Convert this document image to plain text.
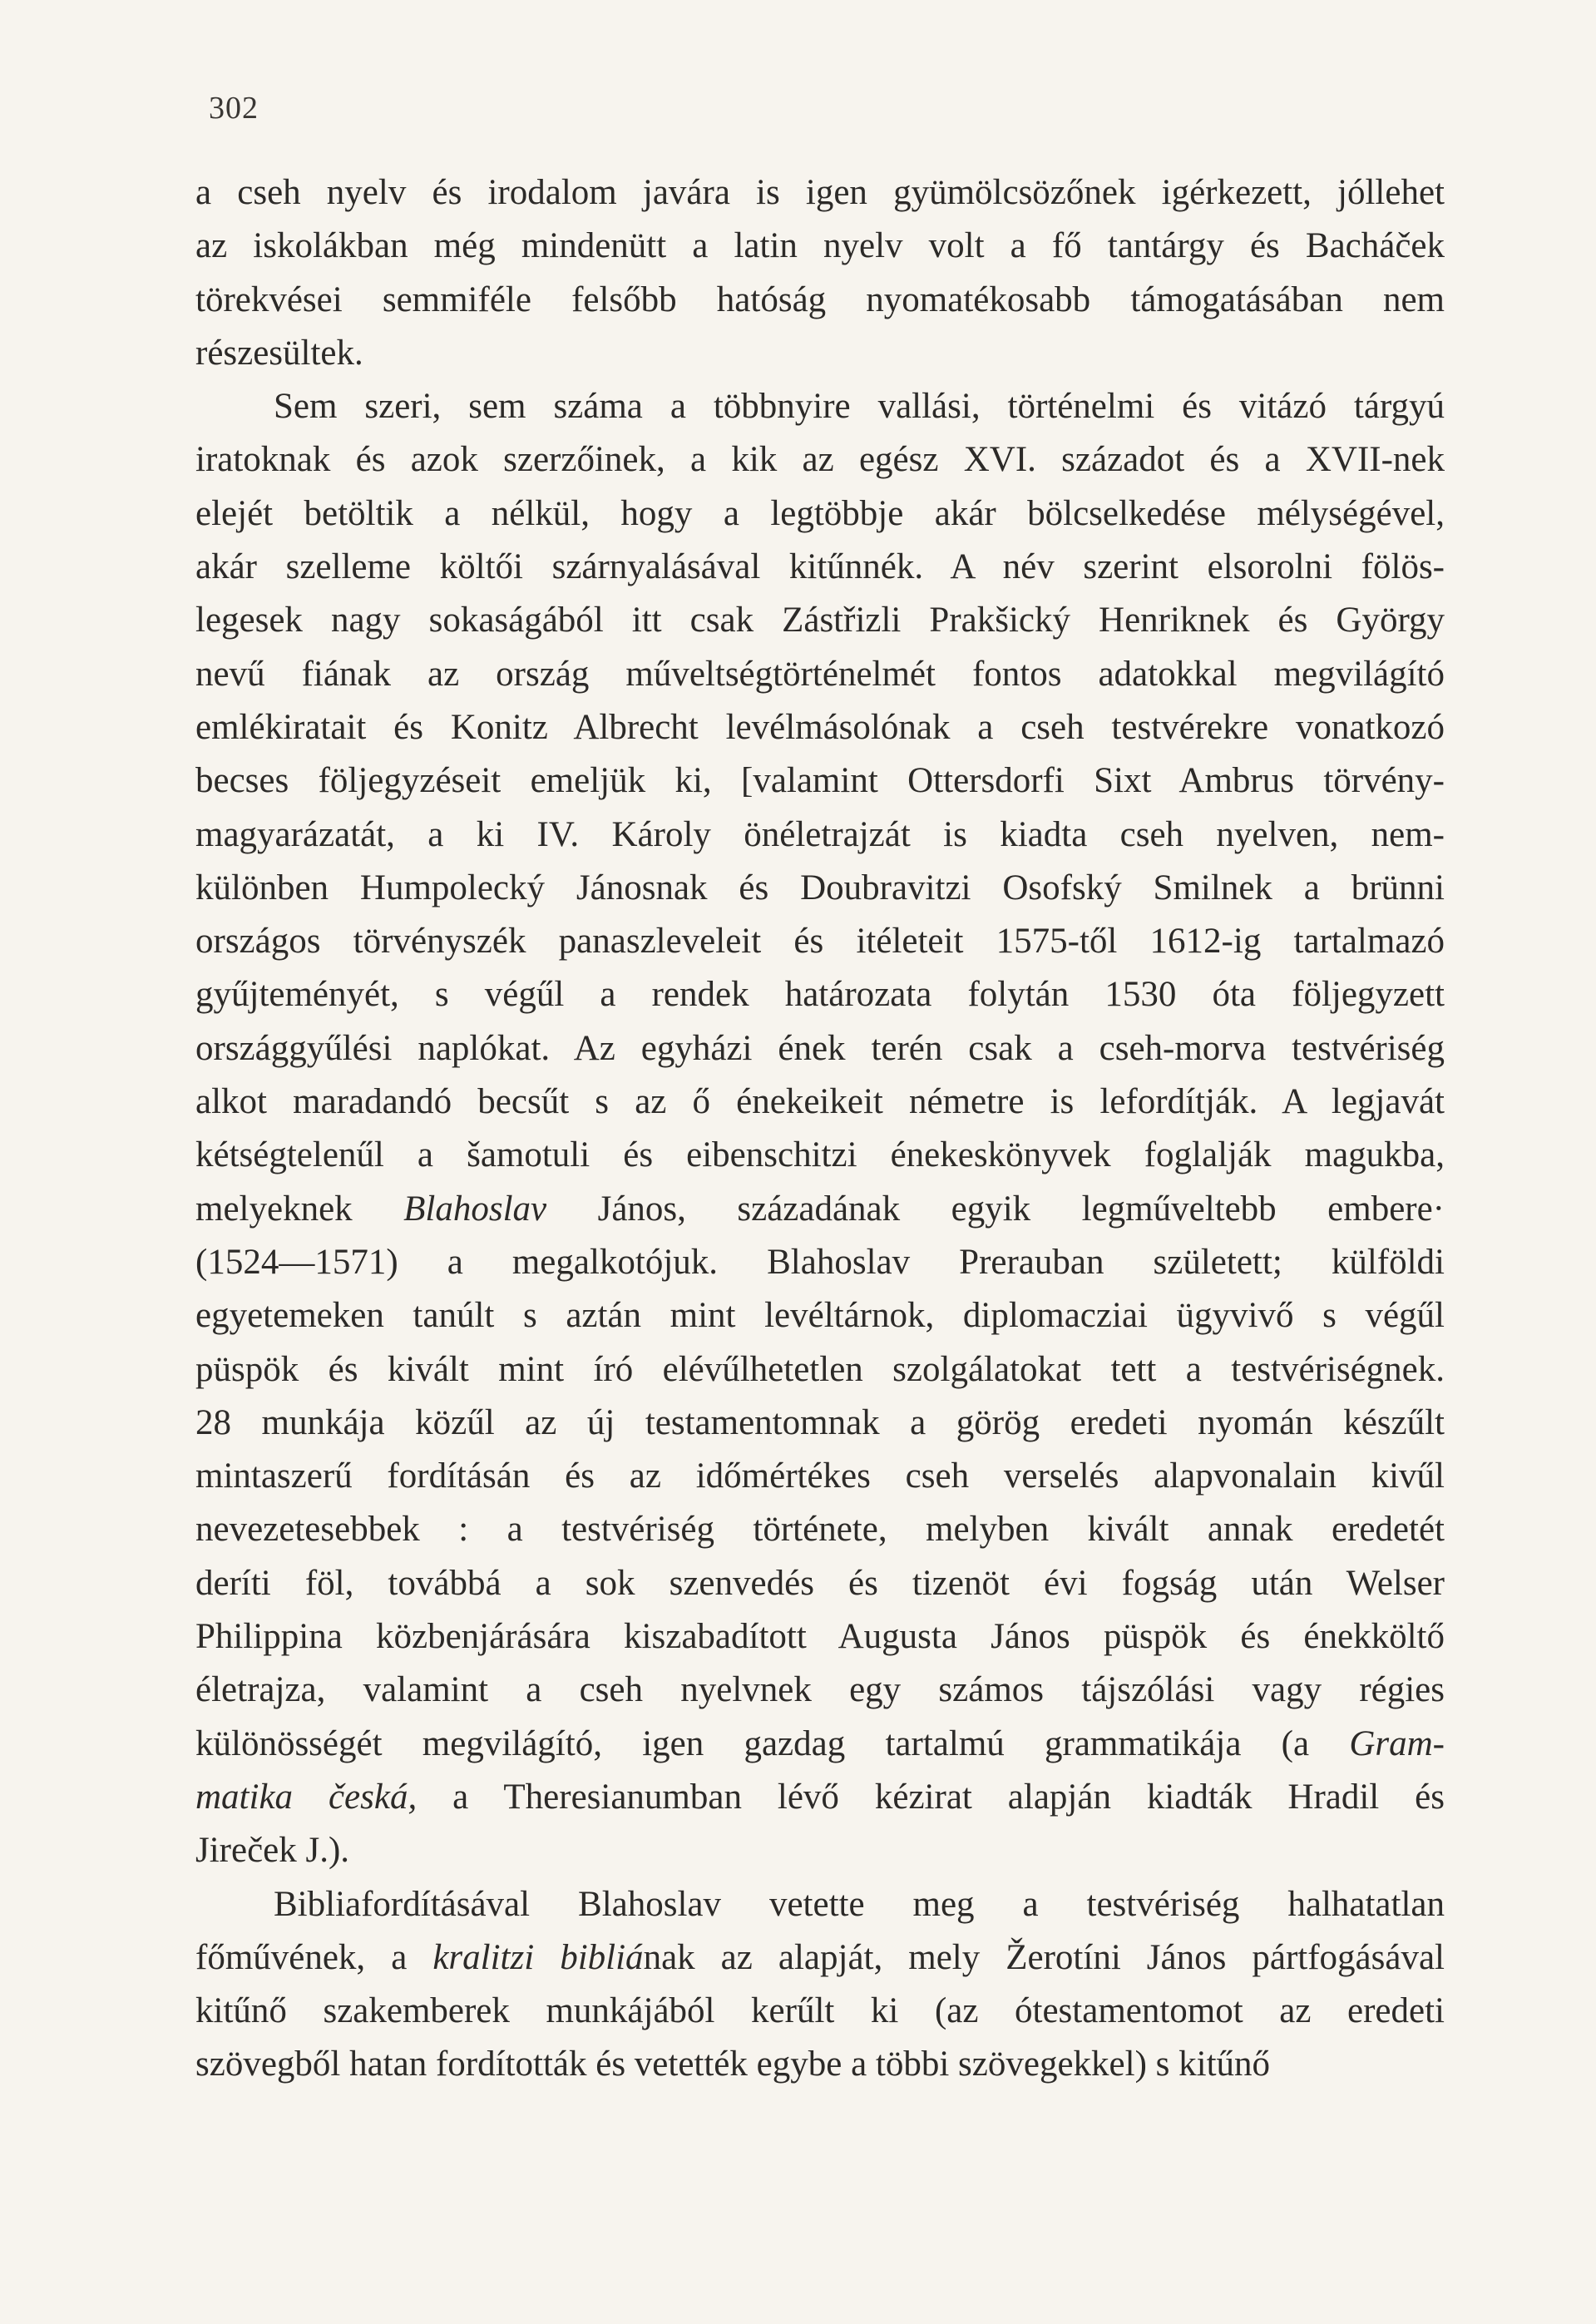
302
a cseh nyelv és irodalom javára is igen gyümölcsözőnek igérkezett, jóllehet
az iskolákban még mindenütt a latin nyelv volt a fő tantárgy és Bacháček
törekvései semmiféle felsőbb hatóság nyomatékosabb támogatásában nem
részesültek.
Sem szeri, sem száma a többnyire vallási, történelmi és vitázó tárgyú
iratoknak és azok szerzőinek, a kik az egész XVI. századot és a XVII-nek
elejét betöltik a nélkül, hogy a legtöbbje akár bölcselkedése mélységével,
akár szelleme költői szárnyalásával kitűnnék. A név szerint elsorolni fölös-
legesek nagy sokaságából itt csak Zástřizli Prakšický Henriknek és György
nevű fiának az ország műveltségtörténelmét fontos adatokkal megvilágító
emlékiratait és Konitz Albrecht levélmásolónak a cseh testvérekre vonatkozó
becses följegyzéseit emeljük ki, [valamint Ottersdorfi Sixt Ambrus törvény-
magyarázatát, a ki IV. Károly önéletrajzát is kiadta cseh nyelven, nem-
különben Humpolecký Jánosnak és Doubravitzi Osofský Smilnek a brünni
országos törvényszék panaszleveleit és itéleteit 1575-től 1612-ig tartalmazó
gyűjteményét, s végűl a rendek határozata folytán 1530 óta följegyzett
országgyűlési naplókat. Az egyházi ének terén csak a cseh-morva testvériség
alkot maradandó becsűt s az ő énekeikeit németre is lefordítják. A legjavát
kétségtelenűl a šamotuli és eibenschitzi énekeskönyvek foglalják magukba,
melyeknek Blahoslav János, századának egyik legműveltebb embere·
(1524—1571) a megalkotójuk. Blahoslav Prerauban született; külföldi
egyetemeken tanúlt s aztán mint levéltárnok, diplomacziai ügyvivő s végűl
püspök és kivált mint író elévűlhetetlen szolgálatokat tett a testvériségnek.
28 munkája közűl az új testamentomnak a görög eredeti nyomán készűlt
mintaszerű fordításán és az időmértékes cseh verselés alapvonalain kivűl
nevezetesebbek : a testvériség története, melyben kivált annak eredetét
deríti föl, továbbá a sok szenvedés és tizenöt évi fogság után Welser
Philippina közbenjárására kiszabadított Augusta János püspök és énekköltő
életrajza, valamint a cseh nyelvnek egy számos tájszólási vagy régies
különösségét megvilágító, igen gazdag tartalmú grammatikája (a Gram-
matika česká, a Theresianumban lévő kézirat alapján kiadták Hradil és
Jireček J.).
Bibliafordításával Blahoslav vetette meg a testvériség halhatatlan
főművének, a kralitzi bibliának az alapját, mely Žerotíni János pártfogásával
kitűnő szakemberek munkájából kerűlt ki (az ótestamentomot az eredeti
szövegből hatan fordították és vetették egybe a többi szövegekkel) s kitűnő
